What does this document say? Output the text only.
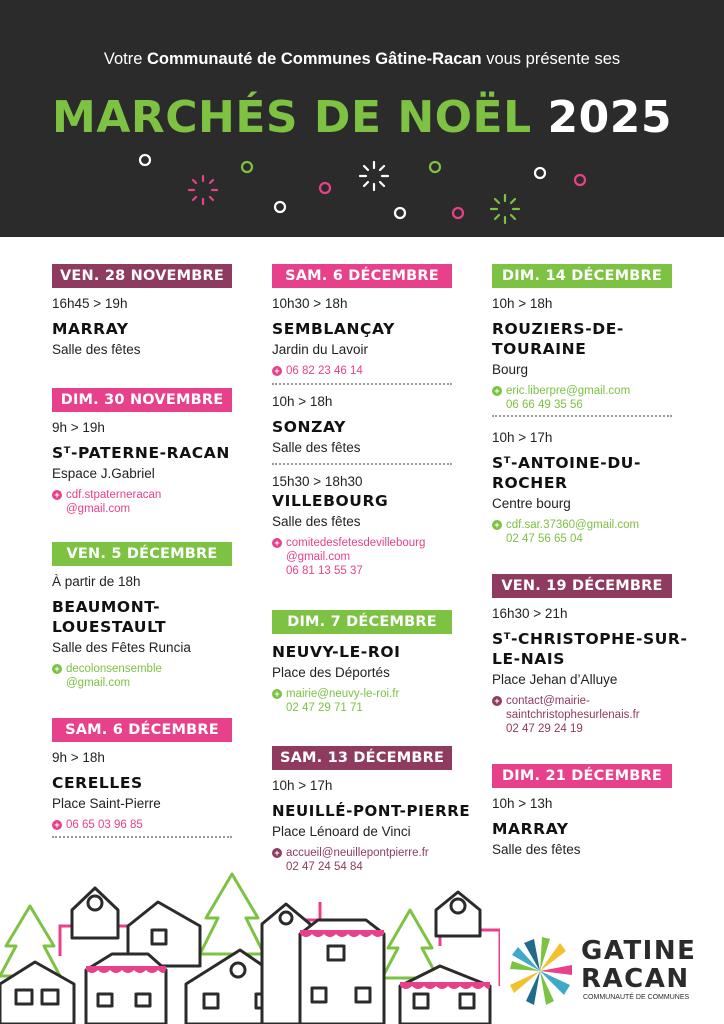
Votre Communauté de Communes Gâtine-Racan vous présente ses
MARCHÉS DE NOËL 2025
VEN. 28 NOVEMBRE
16h45 > 19h
MARRAY
Salle des fêtes
DIM. 30 NOVEMBRE
9h > 19h
Sᵀ-PATERNE-RACAN
Espace J.Gabriel
+ cdf.stpaterneracan
@gmail.com
VEN. 5 DÉCEMBRE
À partir de 18h
BEAUMONT-
LOUESTAULT
Salle des Fêtes Runcia
+ decolonsensemble
@gmail.com
SAM. 6 DÉCEMBRE
9h > 18h
CERELLES
Place Saint-Pierre
+ 06 65 03 96 85
SAM. 6 DÉCEMBRE
10h30 > 18h
SEMBLANÇAY
Jardin du Lavoir
+ 06 82 23 46 14
10h > 18h
SONZAY
Salle des fêtes
15h30 > 18h30
VILLEBOURG
Salle des fêtes
+ comitedesfetesdevillebourg
@gmail.com
06 81 13 55 37
DIM. 7 DÉCEMBRE
NEUVY-LE-ROI
Place des Déportés
+ mairie@neuvy-le-roi.fr
02 47 29 71 71
SAM. 13 DÉCEMBRE
10h > 17h
NEUILLÉ-PONT-PIERRE
Place Lénoard de Vinci
+ accueil@neuillepontpierre.fr
02 47 24 54 84
DIM. 14 DÉCEMBRE
10h > 18h
ROUZIERS-DE-
TOURAINE
Bourg
+ eric.liberpre@gmail.com
06 66 49 35 56
10h > 17h
Sᵀ-ANTOINE-DU-
ROCHER
Centre bourg
+ cdf.sar.37360@gmail.com
02 47 56 65 04
VEN. 19 DÉCEMBRE
16h30 > 21h
Sᵀ-CHRISTOPHE-SUR-
LE-NAIS
Place Jehan d’Alluye
+ contact@mairie-
saintchristophesurlenais.fr
02 47 29 24 19
DIM. 21 DÉCEMBRE
10h > 13h
MARRAY
Salle des fêtes
GATINE
RACAN
COMMUNAUTÉ DE COMMUNES
